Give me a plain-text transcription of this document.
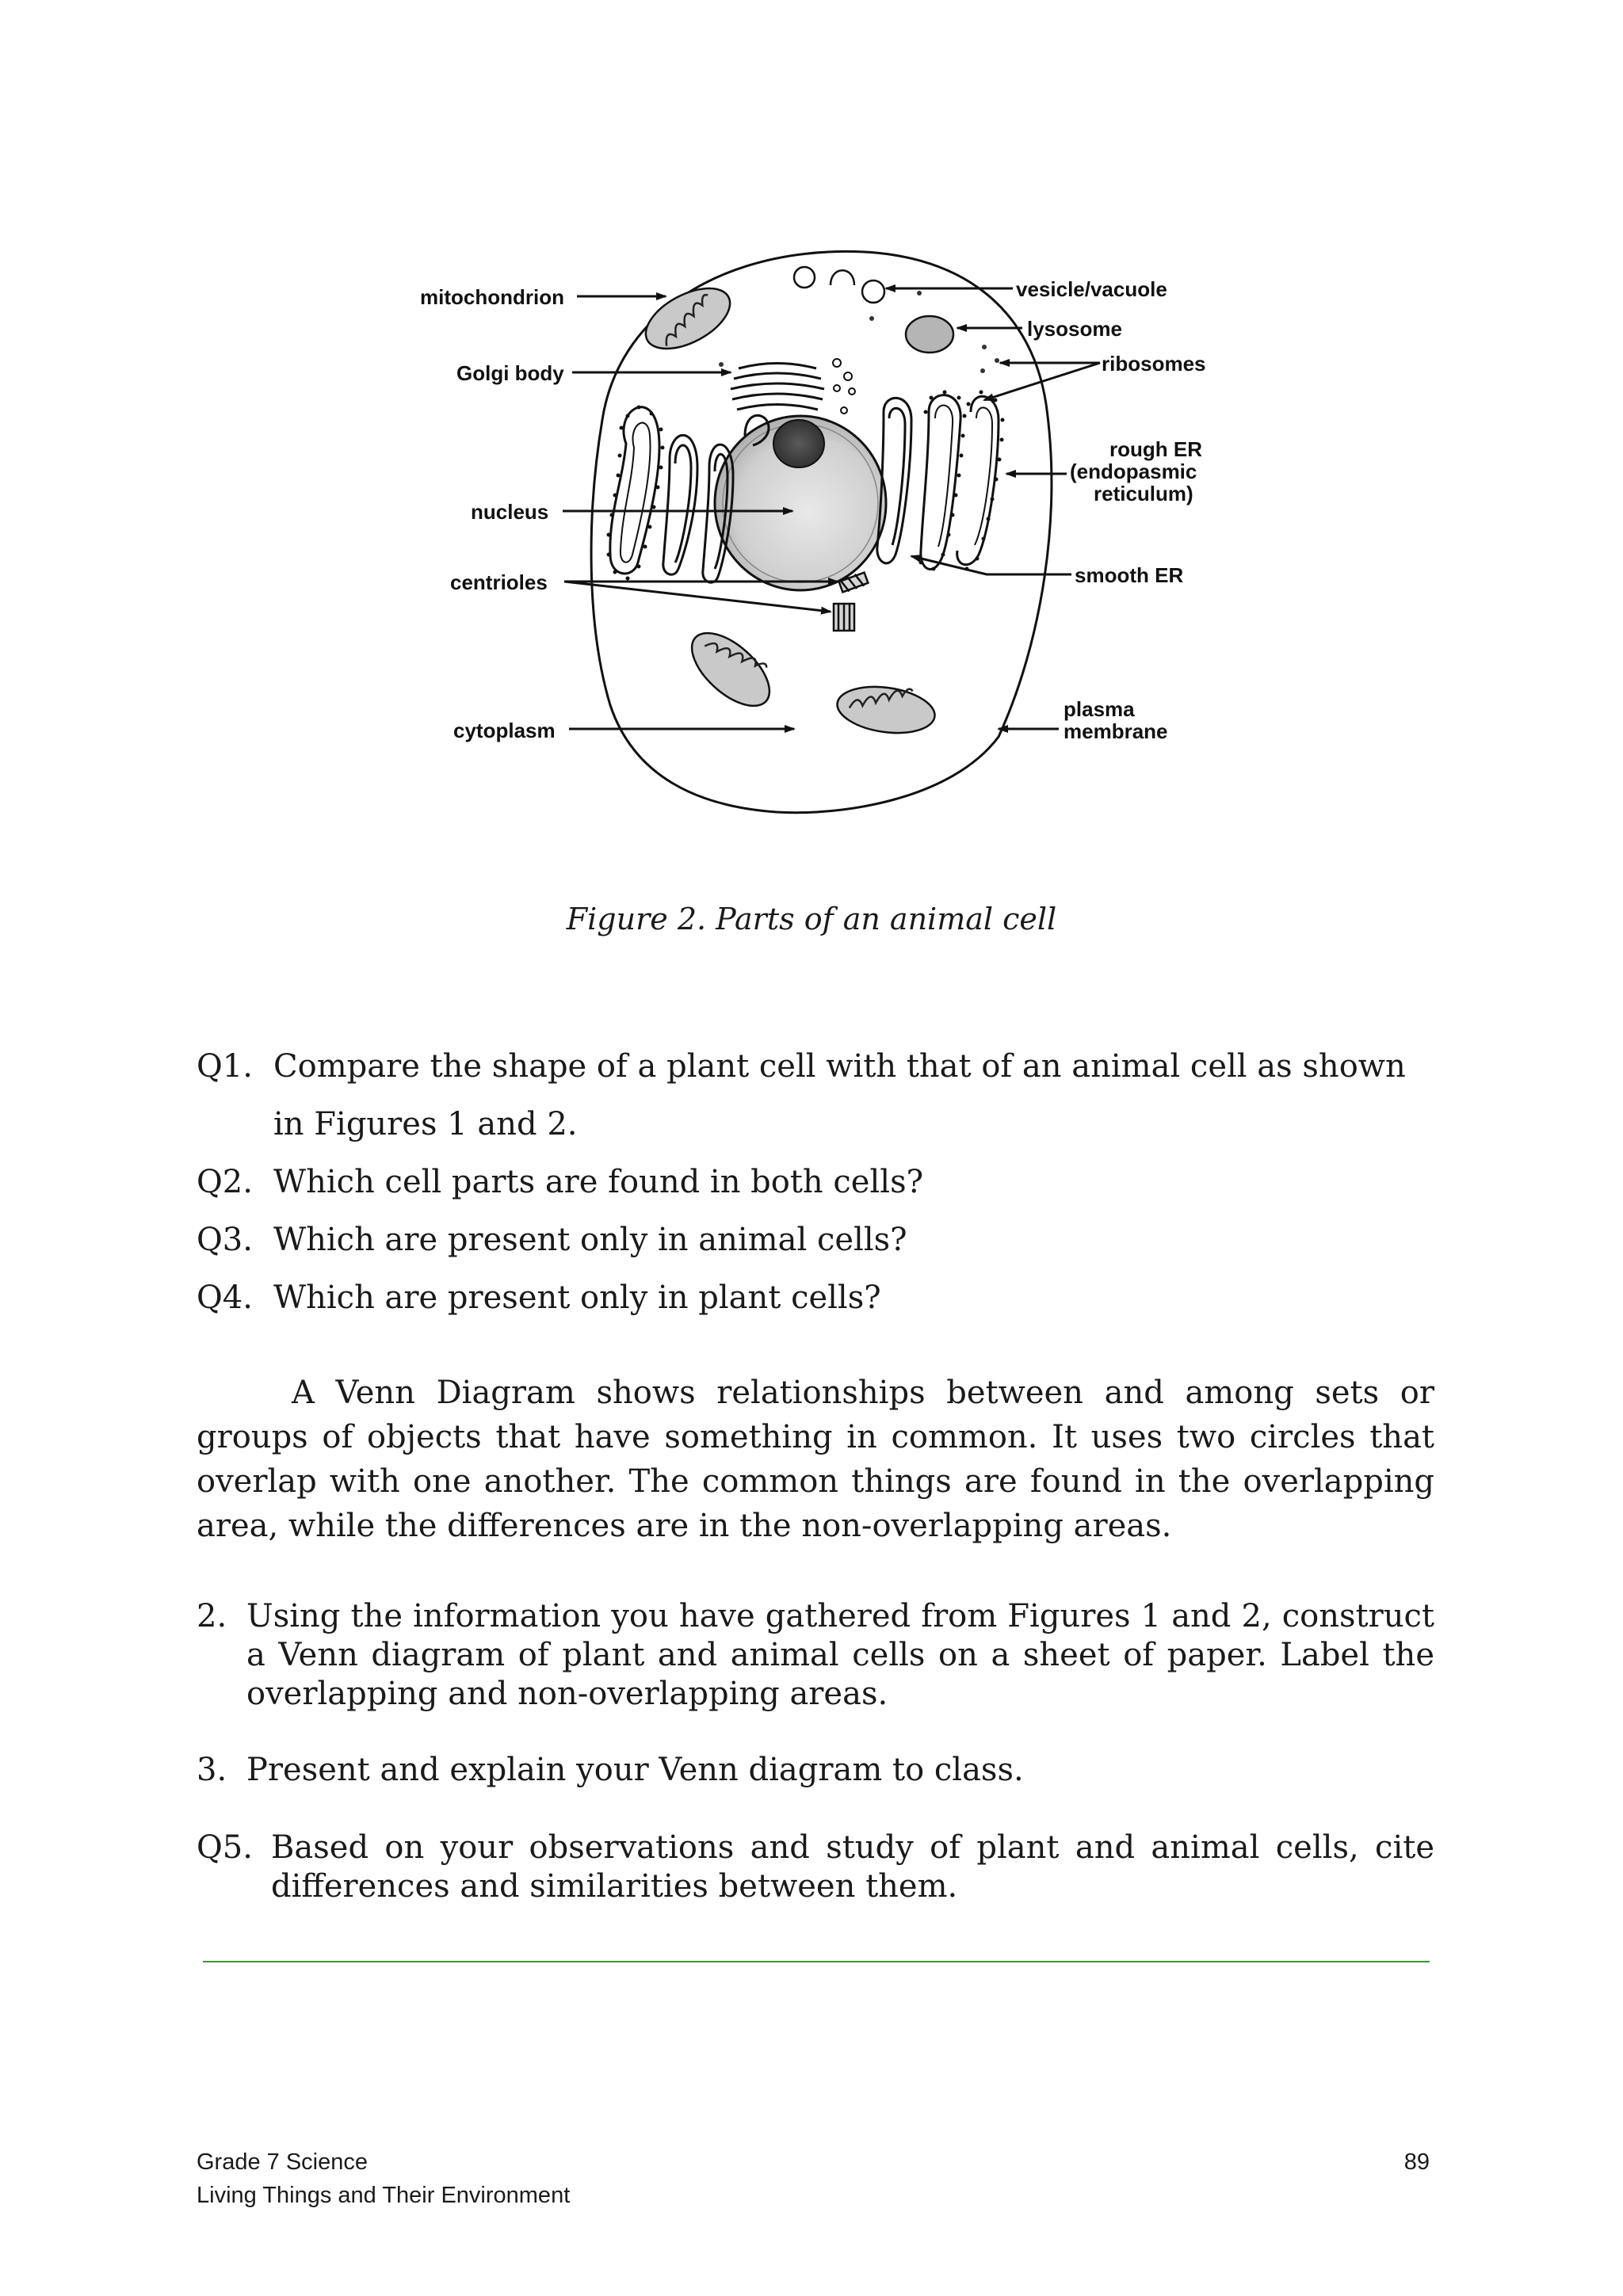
mitochondrion
Golgi body
nucleus
centrioles
cytoplasm
vesicle/vacuole
lysosome
ribosomes
rough ER
(endopasmic
reticulum)
smooth ER
plasma
membrane
Figure 2. Parts of an animal cell
Q1. Compare the shape of a plant cell with that of an animal cell as shown
in Figures 1 and 2.
Q2. Which cell parts are found in both cells?
Q3. Which are present only in animal cells?
Q4. Which are present only in plant cells?
A Venn Diagram shows relationships between and among sets or groups of objects that have something in common. It uses two circles that overlap with one another. The common things are found in the overlapping area, while the differences are in the non-overlapping areas.
2. Using the information you have gathered from Figures 1 and 2, construct a Venn diagram of plant and animal cells on a sheet of paper. Label the overlapping and non-overlapping areas.
3. Present and explain your Venn diagram to class.
Q5. Based on your observations and study of plant and animal cells, cite differences and similarities between them.
Grade 7 Science
Living Things and Their Environment
89
